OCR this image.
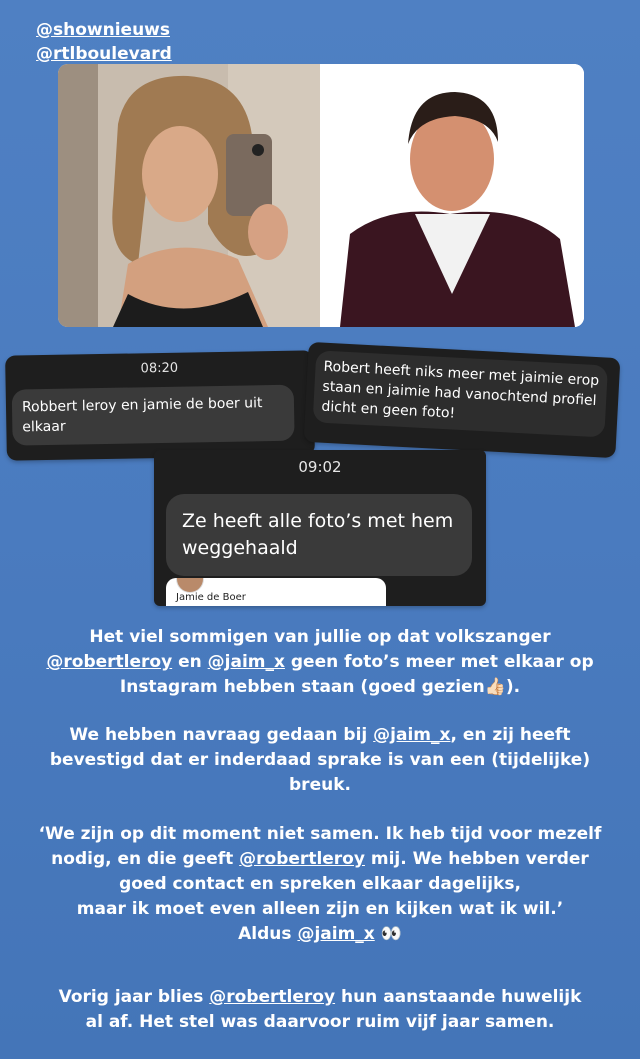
@shownieuws
@rtlboulevard
08:20
Robbert leroy en jamie de boer uit elkaar
Robert heeft niks meer met jaimie erop staan en jaimie had vanochtend profiel dicht en geen foto!
09:02
Ze heeft alle foto’s met hem weggehaald
Jamie de Boer
Het viel sommigen van jullie op dat volkszanger
@robertleroy en @jaim_x geen foto’s meer met elkaar op
Instagram hebben staan (goed gezien👍🏻).
We hebben navraag gedaan bij @jaim_x, en zij heeft
bevestigd dat er inderdaad sprake is van een (tijdelijke)
breuk.
‘We zijn op dit moment niet samen. Ik heb tijd voor mezelf
nodig, en die geeft @robertleroy mij. We hebben verder
goed contact en spreken elkaar dagelijks,
maar ik moet even alleen zijn en kijken wat ik wil.’
Aldus @jaim_x 👀
Vorig jaar blies @robertleroy hun aanstaande huwelijk
al af. Het stel was daarvoor ruim vijf jaar samen.
